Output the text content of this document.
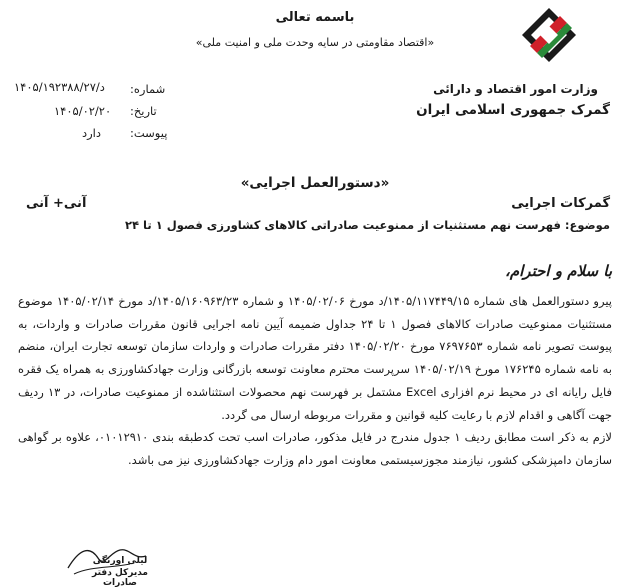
باسمه تعالی
«اقتصاد مقاومتی در سایه وحدت ملی و امنیت ملی»
وزارت امور اقتصاد و دارائی
گمرک جمهوری اسلامی ایران
شماره:
د/۱۴۰۵/۱۹۲۳۸۸/۲۷
تاریخ:
۱۴۰۵/۰۲/۲۰
پیوست:
دارد
«دستورالعمل اجرایی»
آنی+ آنی	گمرکات اجرایی
موضوع: فهرست نهم مستثنیات از ممنوعیت صادراتی کالاهای کشاورزی فصول ۱ تا ۲۴
با سلام و احترام،

پیرو دستورالعمل های شماره ۱۴۰۵/۱۱۷۴۴۹/۱۵/د مورخ ۱۴۰۵/۰۲/۰۶ و شماره ۱۴۰۵/۱۶۰۹۶۳/۲۳/د مورخ ۱۴۰۵/۰۲/۱۴ موضوع مستثنیات ممنوعیت صادرات کالاهای فصول ۱ تا ۲۴ جداول ضمیمه آیین نامه اجرایی قانون مقررات صادرات و واردات، به پیوست تصویر نامه شماره ۷۶۹۷۶۵۳ مورخ ۱۴۰۵/۰۲/۲۰ دفتر مقررات صادرات و واردات سازمان توسعه تجارت ایران، منضم به نامه شماره ۱۷۶۲۴۵ مورخ ۱۴۰۵/۰۲/۱۹ سرپرست محترم معاونت توسعه بازرگانی وزارت جهادکشاورزی به همراه یک فقره فایل رایانه ای در محیط نرم افزاری Excel مشتمل بر فهرست نهم محصولات استثناشده از ممنوعیت صادرات، در ۱۳ ردیف جهت آگاهی و اقدام لازم با رعایت کلیه قوانین و مقررات مربوطه ارسال می گردد.

لازم به ذکر است مطابق ردیف ۱ جدول مندرج در فایل مذکور، صادرات اسب تحت کدطبقه بندی ۰۱۰۱۲۹۱۰، علاوه بر گواهی سازمان دامپزشکی کشور، نیازمند مجوزسیستمی معاونت امور دام وزارت جهادکشاورزی نیز می باشد.

لیلی اورنگی
مدیرکل دفتر صادرات
